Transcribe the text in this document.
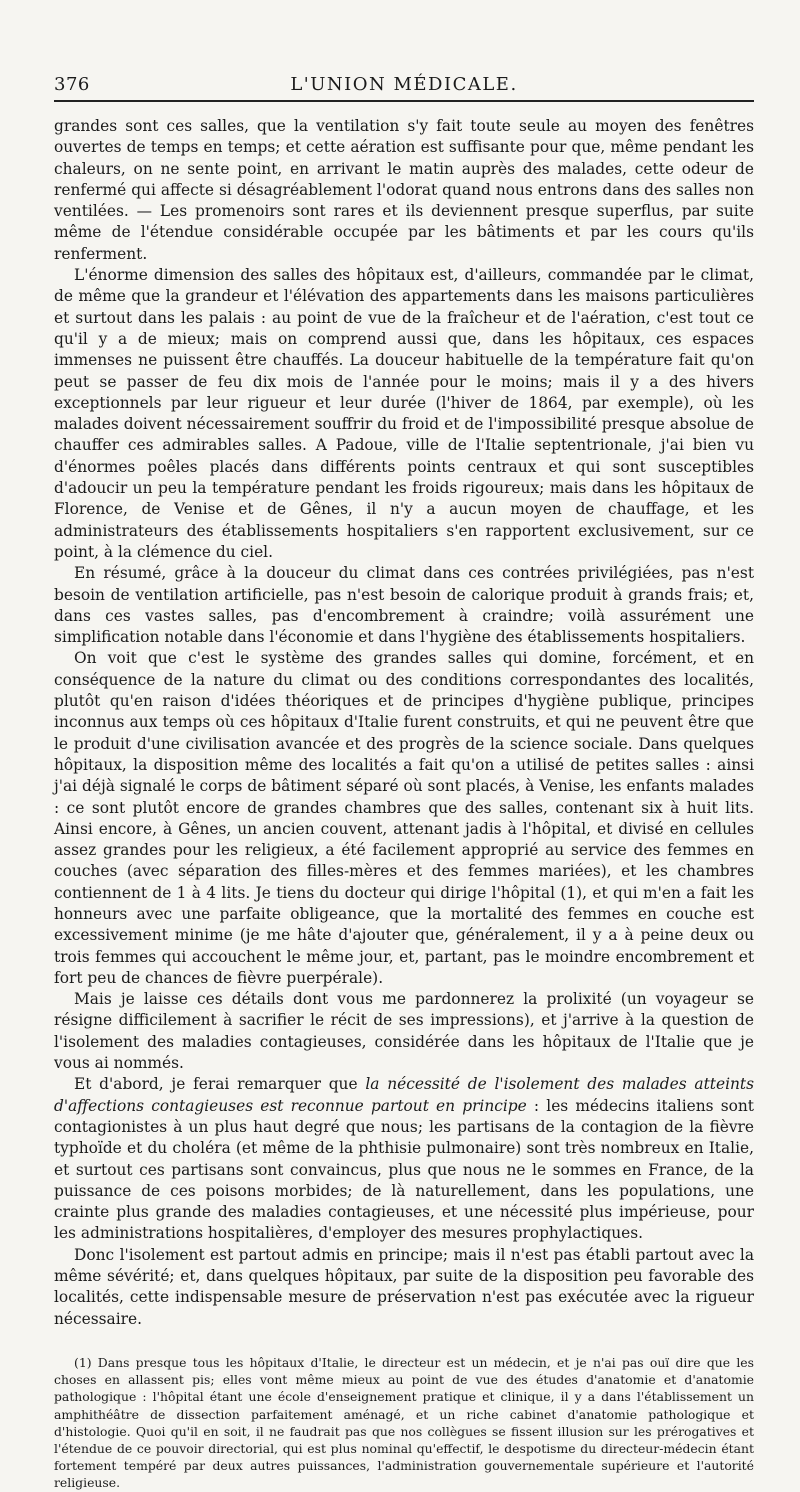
376	L'UNION MÉDICALE.

grandes sont ces salles, que la ventilation s'y fait toute seule au moyen des fenêtres ouvertes de temps en temps; et cette aération est suffisante pour que, même pendant les chaleurs, on ne sente point, en arrivant le matin auprès des malades, cette odeur de renfermé qui affecte si désagréablement l'odorat quand nous entrons dans des salles non ventilées. — Les promenoirs sont rares et ils deviennent presque superflus, par suite même de l'étendue considérable occupée par les bâtiments et par les cours qu'ils renferment.

L'énorme dimension des salles des hôpitaux est, d'ailleurs, commandée par le climat, de même que la grandeur et l'élévation des appartements dans les maisons particulières et surtout dans les palais : au point de vue de la fraîcheur et de l'aération, c'est tout ce qu'il y a de mieux; mais on comprend aussi que, dans les hôpitaux, ces espaces immenses ne puissent être chauffés. La douceur habituelle de la température fait qu'on peut se passer de feu dix mois de l'année pour le moins; mais il y a des hivers exceptionnels par leur rigueur et leur durée (l'hiver de 1864, par exemple), où les malades doivent nécessairement souffrir du froid et de l'impossibilité presque absolue de chauffer ces admirables salles. A Padoue, ville de l'Italie septentrionale, j'ai bien vu d'énormes poêles placés dans différents points centraux et qui sont susceptibles d'adoucir un peu la température pendant les froids rigoureux; mais dans les hôpitaux de Florence, de Venise et de Gênes, il n'y a aucun moyen de chauffage, et les administrateurs des établissements hospitaliers s'en rapportent exclusivement, sur ce point, à la clémence du ciel.

En résumé, grâce à la douceur du climat dans ces contrées privilégiées, pas n'est besoin de ventilation artificielle, pas n'est besoin de calorique produit à grands frais; et, dans ces vastes salles, pas d'encombrement à craindre; voilà assurément une simplification notable dans l'économie et dans l'hygiène des établissements hospitaliers.

On voit que c'est le système des grandes salles qui domine, forcément, et en conséquence de la nature du climat ou des conditions correspondantes des localités, plutôt qu'en raison d'idées théoriques et de principes d'hygiène publique, principes inconnus aux temps où ces hôpitaux d'Italie furent construits, et qui ne peuvent être que le produit d'une civilisation avancée et des progrès de la science sociale. Dans quelques hôpitaux, la disposition même des localités a fait qu'on a utilisé de petites salles : ainsi j'ai déjà signalé le corps de bâtiment séparé où sont placés, à Venise, les enfants malades : ce sont plutôt encore de grandes chambres que des salles, contenant six à huit lits. Ainsi encore, à Gênes, un ancien couvent, attenant jadis à l'hôpital, et divisé en cellules assez grandes pour les religieux, a été facilement approprié au service des femmes en couches (avec séparation des filles-mères et des femmes mariées), et les chambres contiennent de 1 à 4 lits. Je tiens du docteur qui dirige l'hôpital (1), et qui m'en a fait les honneurs avec une parfaite obligeance, que la mortalité des femmes en couche est excessivement minime (je me hâte d'ajouter que, généralement, il y a à peine deux ou trois femmes qui accouchent le même jour, et, partant, pas le moindre encombrement et fort peu de chances de fièvre puerpérale).

Mais je laisse ces détails dont vous me pardonnerez la prolixité (un voyageur se résigne difficilement à sacrifier le récit de ses impressions), et j'arrive à la question de l'isolement des maladies contagieuses, considérée dans les hôpitaux de l'Italie que je vous ai nommés.

Et d'abord, je ferai remarquer que la nécessité de l'isolement des malades atteints d'affections contagieuses est reconnue partout en principe : les médecins italiens sont contagionistes à un plus haut degré que nous; les partisans de la contagion de la fièvre typhoïde et du choléra (et même de la phthisie pulmonaire) sont très nombreux en Italie, et surtout ces partisans sont convaincus, plus que nous ne le sommes en France, de la puissance de ces poisons morbides; de là naturellement, dans les populations, une crainte plus grande des maladies contagieuses, et une nécessité plus impérieuse, pour les administrations hospitalières, d'employer des mesures prophylactiques.

Donc l'isolement est partout admis en principe; mais il n'est pas établi partout avec la même sévérité; et, dans quelques hôpitaux, par suite de la disposition peu favorable des localités, cette indispensable mesure de préservation n'est pas exécutée avec la rigueur nécessaire.

(1) Dans presque tous les hôpitaux d'Italie, le directeur est un médecin, et je n'ai pas ouï dire que les choses en allassent pis; elles vont même mieux au point de vue des études d'anatomie et d'anatomie pathologique : l'hôpital étant une école d'enseignement pratique et clinique, il y a dans l'établissement un amphithéâtre de dissection parfaitement aménagé, et un riche cabinet d'anatomie pathologique et d'histologie. Quoi qu'il en soit, il ne faudrait pas que nos collègues se fissent illusion sur les prérogatives et l'étendue de ce pouvoir directorial, qui est plus nominal qu'effectif, le despotisme du directeur-médecin étant fortement tempéré par deux autres puissances, l'administration gouvernementale supérieure et l'autorité religieuse.
